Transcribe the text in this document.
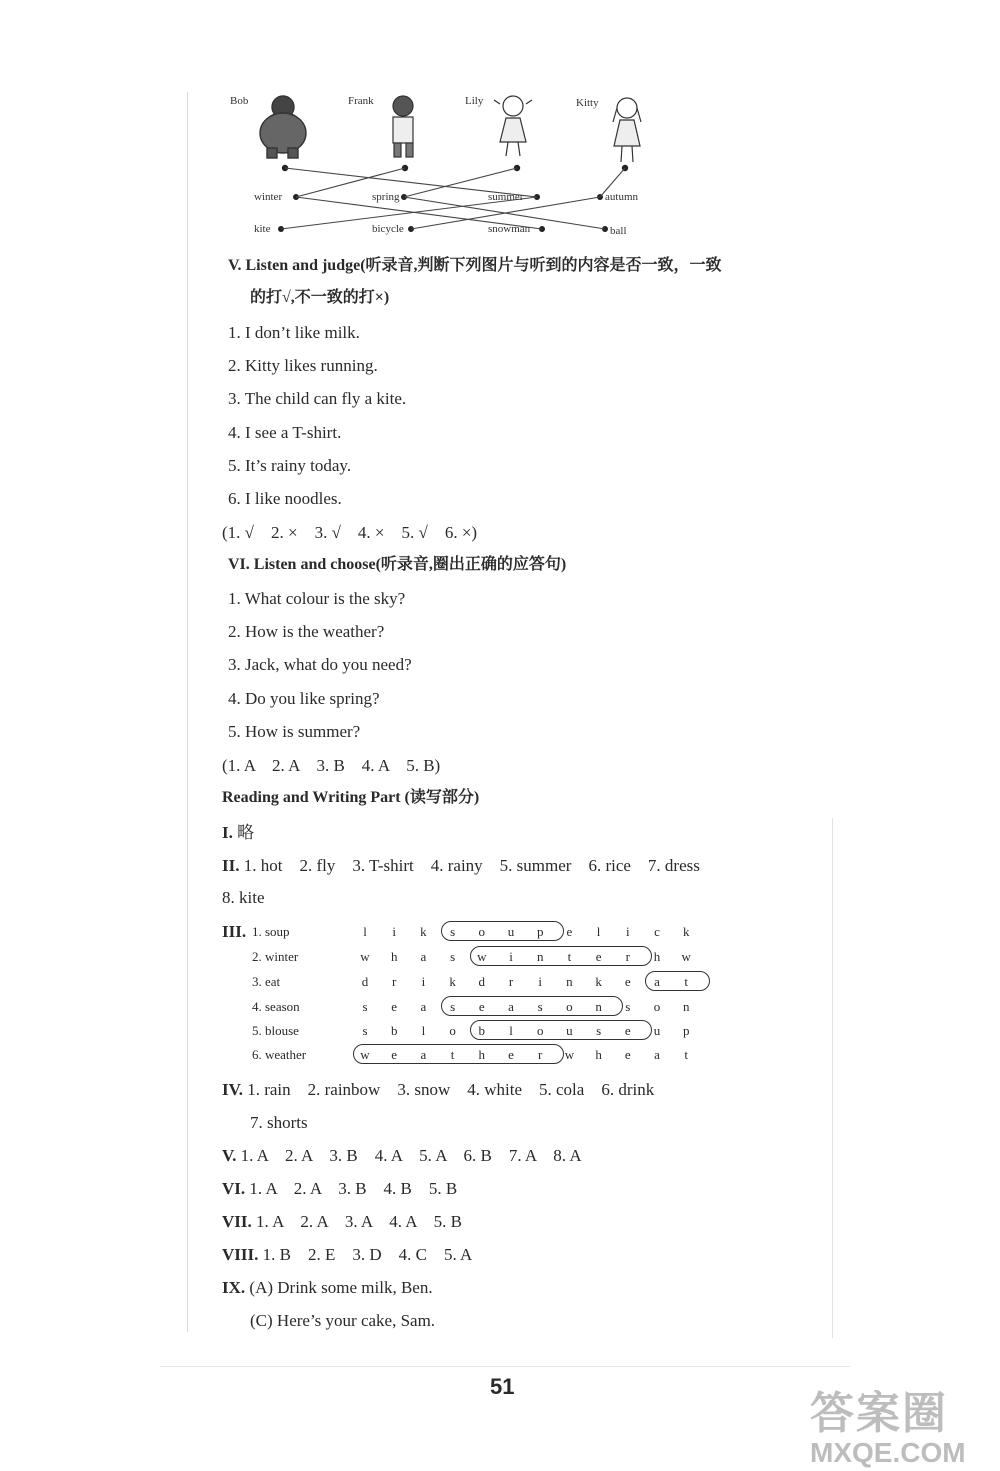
Bob	Frank	Lily	Kitty
winter	spring	summer	autumn
kite	bicycle	snowman	ball
V. Listen and judge(听录音,判断下列图片与听到的内容是否一致，一致
的打√,不一致的打×)
1. I don’t like milk.
2. Kitty likes running.
3. The child can fly a kite.
4. I see a T-shirt.
5. It’s rainy today.
6. I like noodles.
(1. √　2. ×　3. √　4. ×　5. √　6. ×)
VI. Listen and choose(听录音,圈出正确的应答句)
1. What colour is the sky?
2. How is the weather?
3. Jack, what do you need?
4. Do you like spring?
5. How is summer?
(1. A　2. A　3. B　4. A　5. B)
Reading and Writing Part (读写部分)
I. 略
II. 1. hot　2. fly　3. T-shirt　4. rainy　5. summer　6. rice　7. dress
8. kite
III. 1. soup	l	i	k	s	o u p	e	l	i	c	k
2. winter	w h	a	s	w	i	n	t	e	r	h w
3. eat	d	r	i	k d	r	i	n k	e	a	t
4. season	s	e	a	s	e	a	s	o n	s	o n
5. blouse	s	b	l	o b	l	o u	s	e	u p
6. weather	w	e	a	t	h	e	r	w h	e	a	t
IV. 1. rain　2. rainbow　3. snow　4. white　5. cola　6. drink
7. shorts
V. 1. A　2. A　3. B　4. A　5. A　6. B　7. A　8. A
VI. 1. A　2. A　3. B　4. B　5. B
VII. 1. A　2. A　3. A　4. A　5. B
VIII. 1. B　2. E　3. D　4. C　5. A
IX. (A) Drink some milk, Ben.
(C) Here’s your cake, Sam.
51
答案圈
MXQE.COM
